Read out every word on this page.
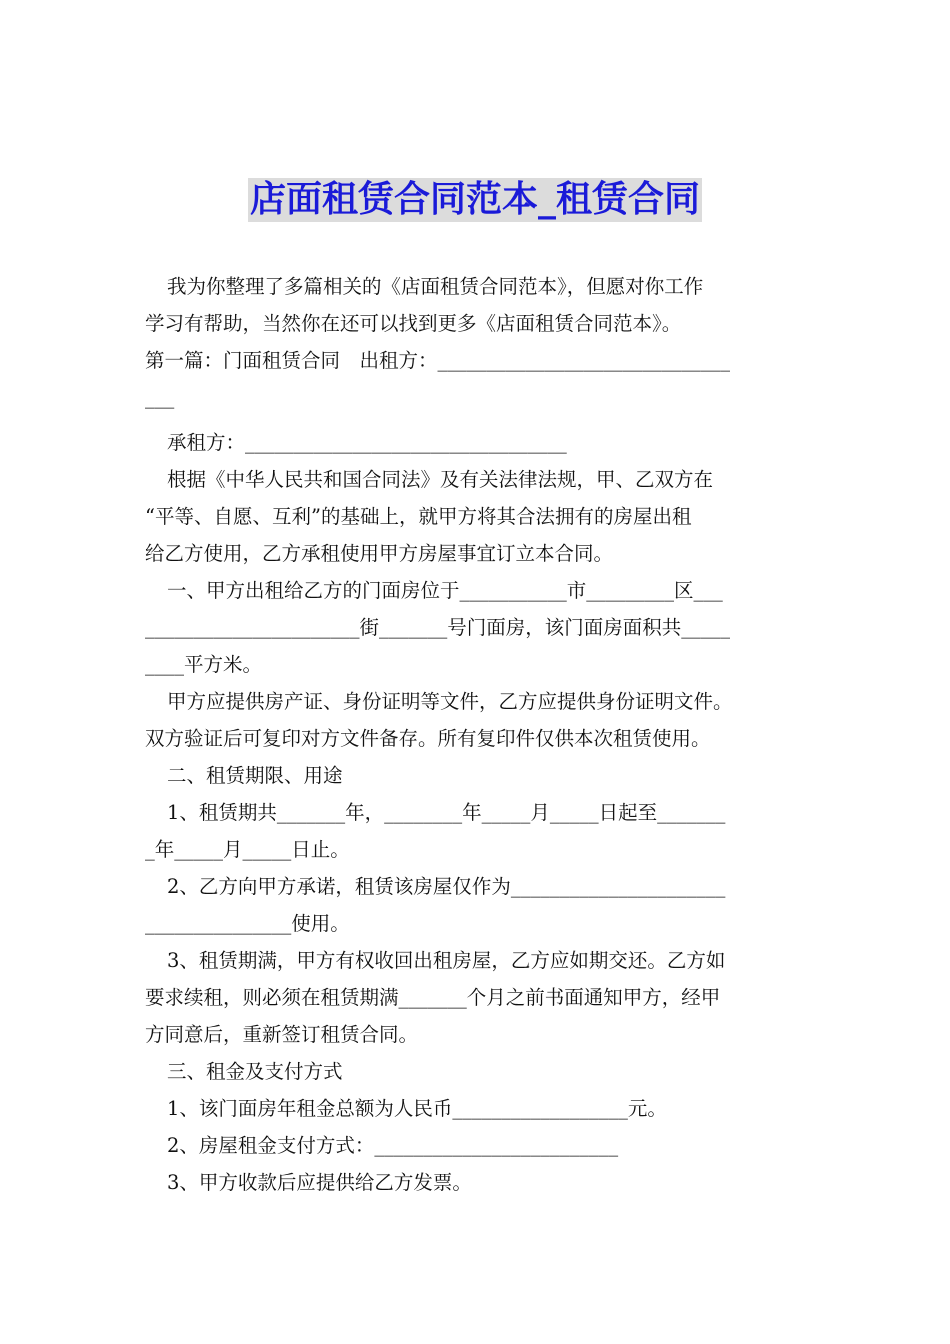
店面租赁合同范本_租赁合同

我为你整理了多篇相关的《店面租赁合同范本》，但愿对你工作

学习有帮助，当然你在还可以找到更多《店面租赁合同范本》。

第一篇：门面租赁合同　出租方：______________________________

___

承租方：_________________________________

根据《中华人民共和国合同法》及有关法律法规，甲、乙双方在

“平等、自愿、互利”的基础上，就甲方将其合法拥有的房屋出租

给乙方使用，乙方承租使用甲方房屋事宜订立本合同。

一、甲方出租给乙方的门面房位于___________市_________区___

______________________街_______号门面房，该门面房面积共_____

____平方米。

甲方应提供房产证、身份证明等文件，乙方应提供身份证明文件。

双方验证后可复印对方文件备存。所有复印件仅供本次租赁使用。

二、租赁期限、用途

1、租赁期共_______年，________年_____月_____日起至_______

_年_____月_____日止。

2、乙方向甲方承诺，租赁该房屋仅作为______________________

_______________使用。

3、租赁期满，甲方有权收回出租房屋，乙方应如期交还。乙方如

要求续租，则必须在租赁期满_______个月之前书面通知甲方，经甲

方同意后，重新签订租赁合同。

三、租金及支付方式

1、该门面房年租金总额为人民币__________________元。

2、房屋租金支付方式：_________________________

3、甲方收款后应提供给乙方发票。
